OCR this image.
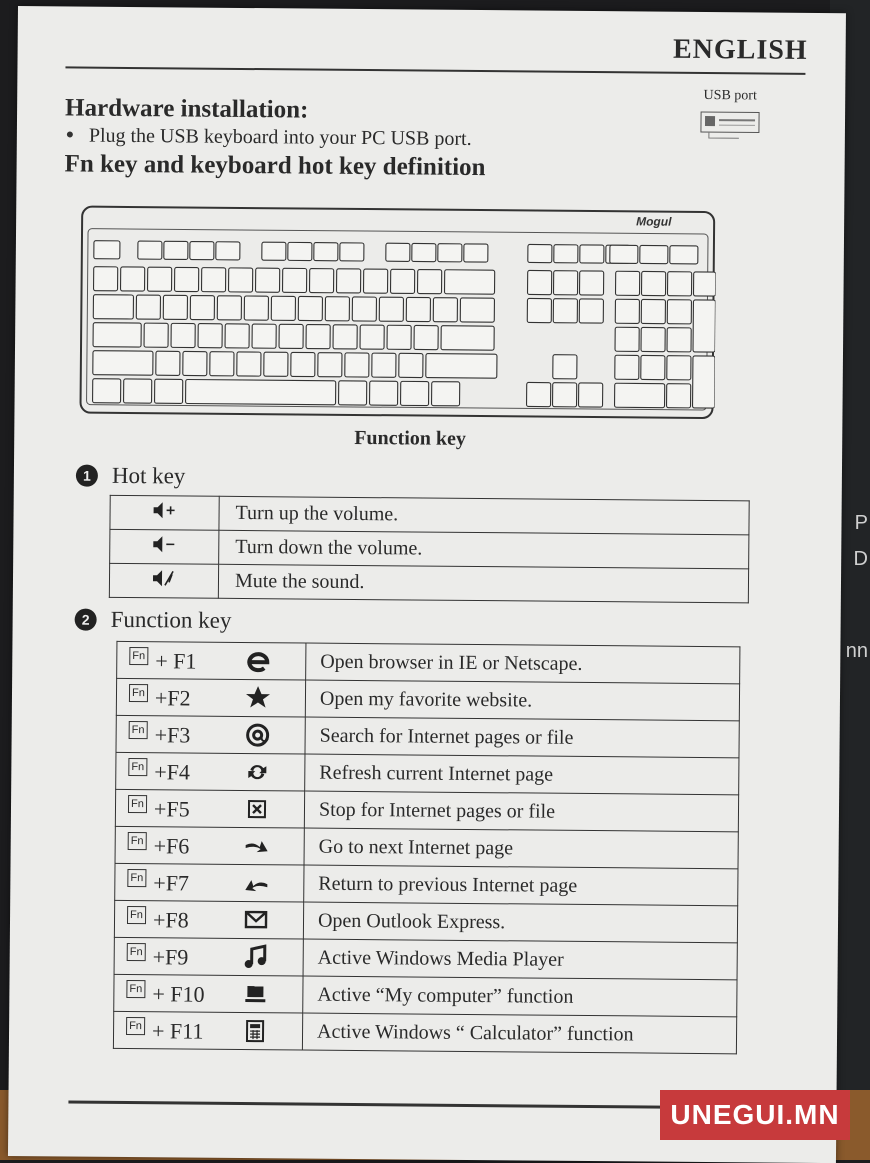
P
D
nn
ENGLISH
Hardware installation:
Plug the USB keyboard into your PC USB port.
USB port
Fn key and keyboard hot key definition
Mogul
Function key
1 Hot key
	Turn up the volume.
	Turn down the volume.
	Mute the sound.
2 Function key
Fn + F1	Open browser in IE or Netscape.

Fn +F2	Open my favorite website.

Fn +F3	Search for Internet pages or file

Fn +F4	Refresh current Internet page

Fn +F5	Stop for Internet pages or file

Fn +F6	Go to next Internet page

Fn +F7	Return to previous Internet page

Fn +F8	Open Outlook Express.

Fn +F9	Active Windows Media Player

Fn + F10	Active “My computer” function

Fn + F11	Active Windows “ Calculator” function
UNEGUI.MN
